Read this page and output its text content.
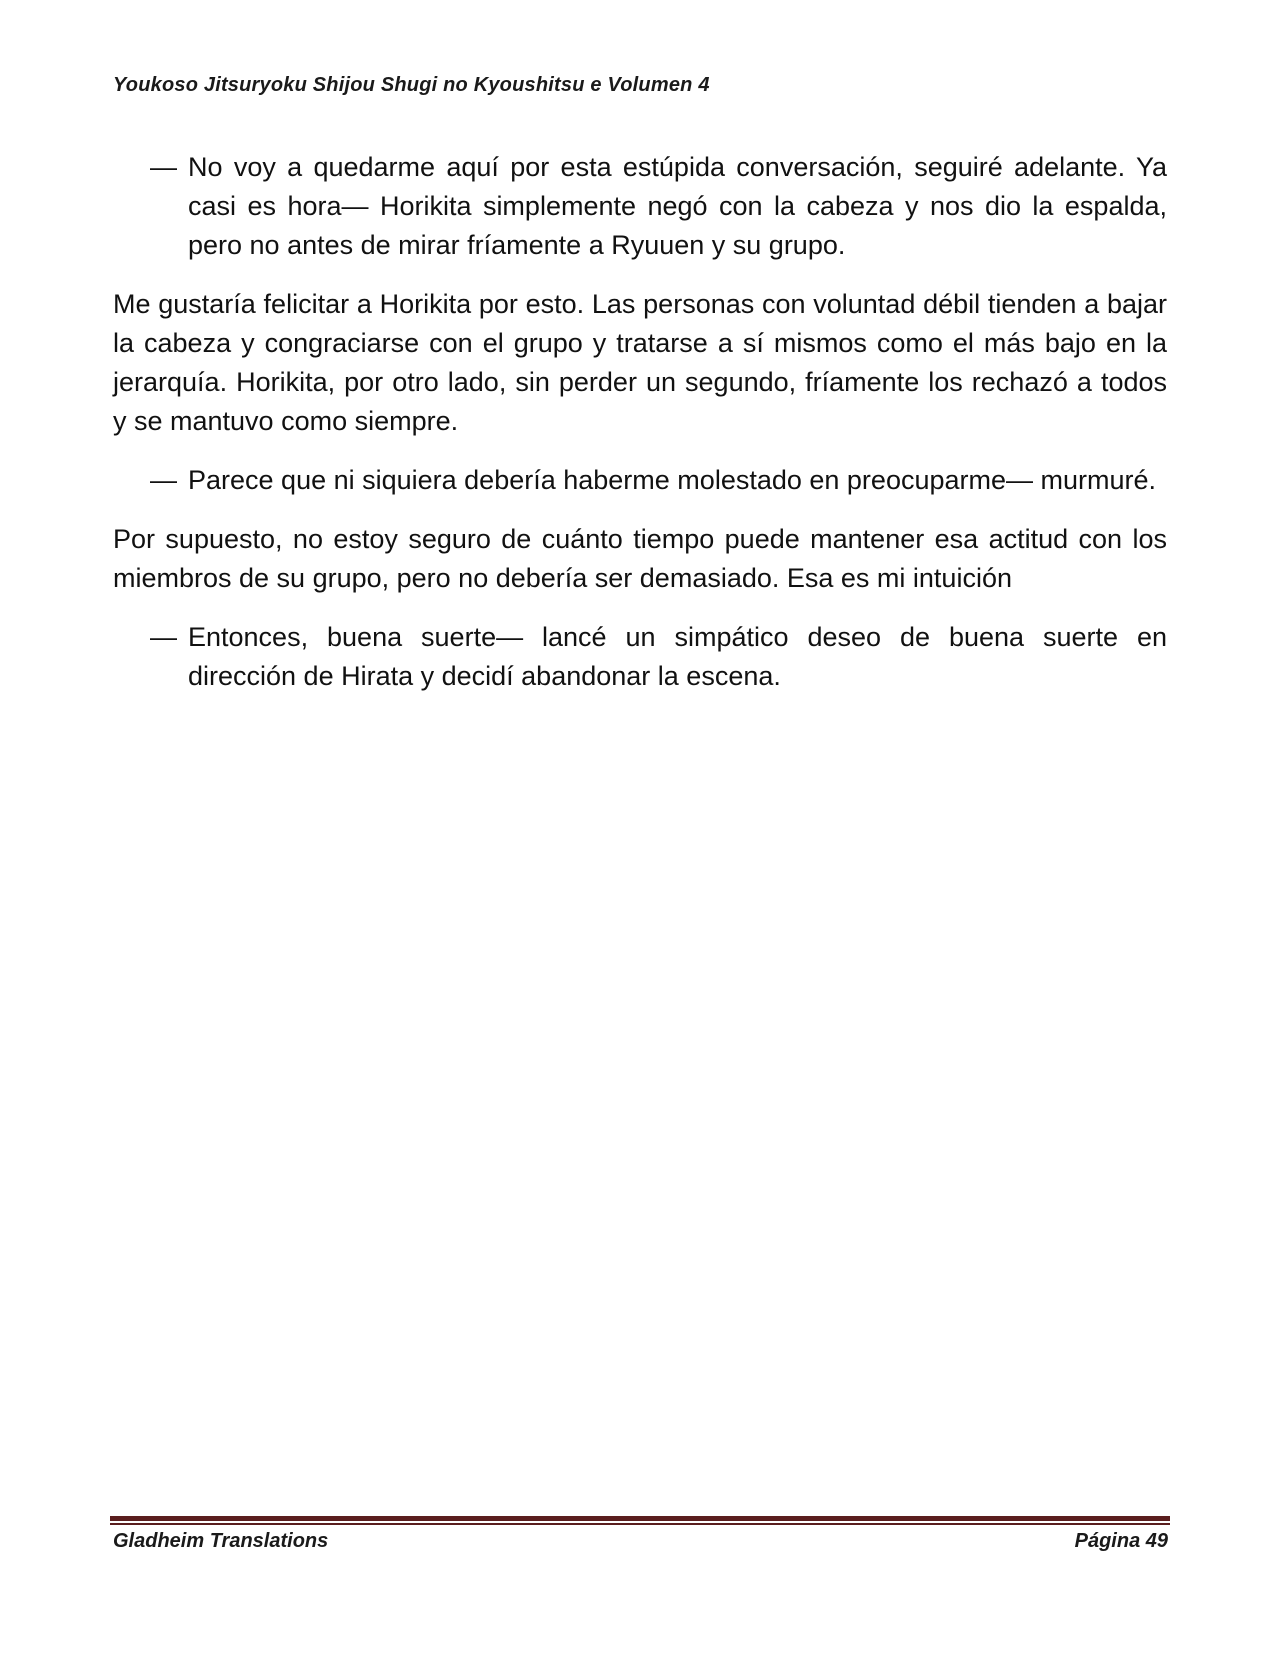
Youkoso Jitsuryoku Shijou Shugi no Kyoushitsu e Volumen 4
— No voy a quedarme aquí por esta estúpida conversación, seguiré adelante. Ya casi es hora— Horikita simplemente negó con la cabeza y nos dio la espalda, pero no antes de mirar fríamente a Ryuuen y su grupo.

Me gustaría felicitar a Horikita por esto. Las personas con voluntad débil tienden a bajar la cabeza y congraciarse con el grupo y tratarse a sí mismos como el más bajo en la jerarquía. Horikita, por otro lado, sin perder un segundo, fríamente los rechazó a todos y se mantuvo como siempre.

— Parece que ni siquiera debería haberme molestado en preocuparme— murmuré.

Por supuesto, no estoy seguro de cuánto tiempo puede mantener esa actitud con los miembros de su grupo, pero no debería ser demasiado. Esa es mi intuición

— Entonces, buena suerte— lancé un simpático deseo de buena suerte en dirección de Hirata y decidí abandonar la escena.
Gladheim Translations	Página 49
